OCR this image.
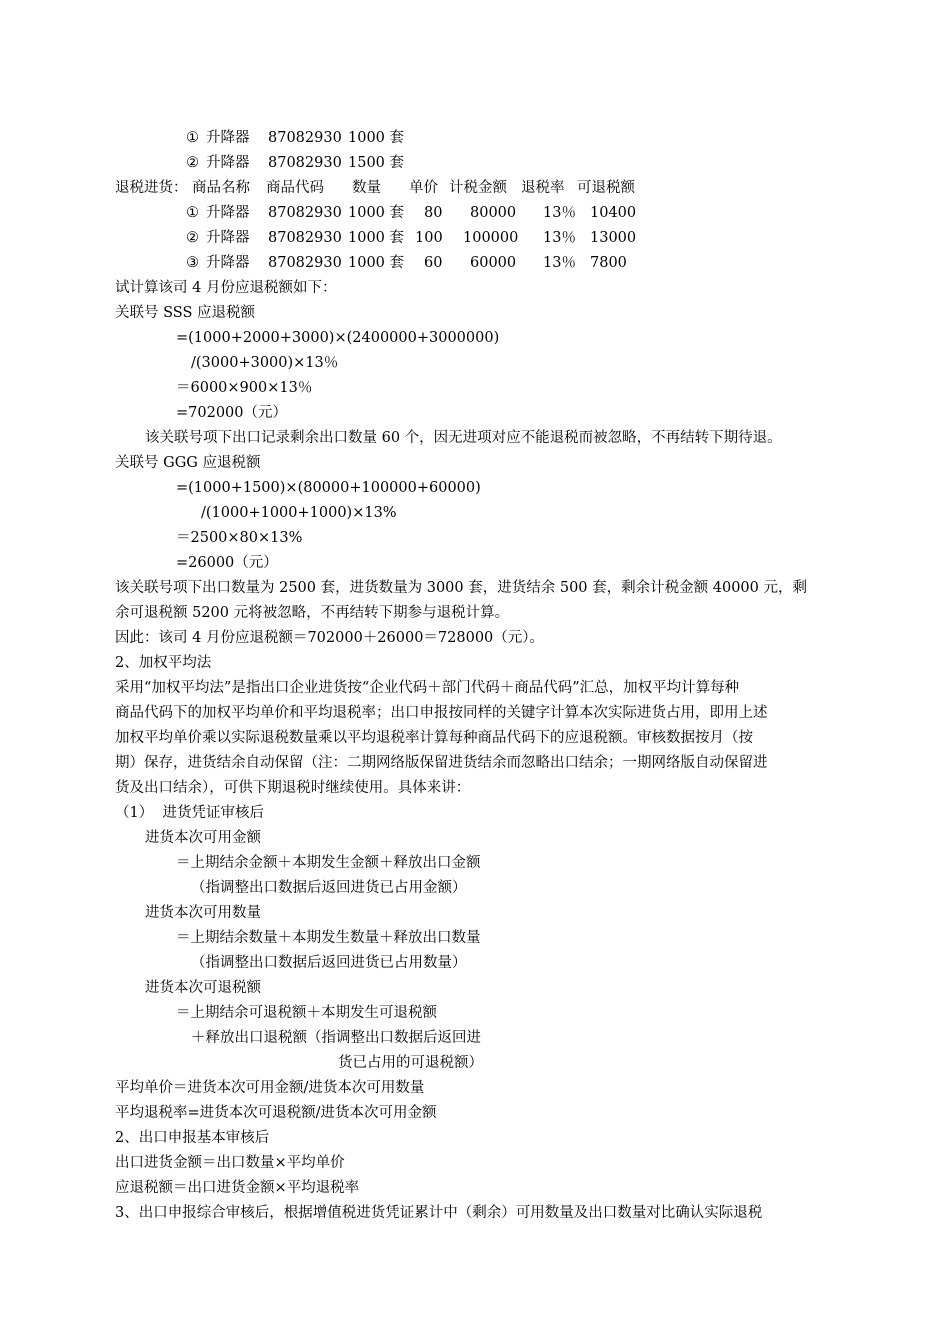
① 升降器 87082930 1000 套
② 升降器 87082930 1500 套
退税进货： 商品名称 商品代码 数量 单价 计税金额 退税率 可退税额
① 升降器 87082930 1000 套 80 80000 13％ 10400
② 升降器 87082930 1000 套 100 100000 13％ 13000
③ 升降器 87082930 1000 套 60 60000 13％ 7800
试计算该司 4 月份应退税额如下：
关联号 SSS 应退税额
=(1000+2000+3000)×(2400000+3000000)
/(3000+3000)×13％
＝6000×900×13％
=702000（元）
该关联号项下出口记录剩余出口数量 60 个，因无进项对应不能退税而被忽略，不再结转下期待退。
关联号 GGG 应退税额
=(1000+1500)×(80000+100000+60000)
/(1000+1000+1000)×13%
＝2500×80×13%
=26000（元）
该关联号项下出口数量为 2500 套，进货数量为 3000 套，进货结余 500 套，剩余计税金额 40000 元，剩
余可退税额 5200 元将被忽略，不再结转下期参与退税计算。
因此：该司 4 月份应退税额＝702000＋26000＝728000（元）。
2、加权平均法
采用“加权平均法”是指出口企业进货按“企业代码＋部门代码＋商品代码”汇总，加权平均计算每种
商品代码下的加权平均单价和平均退税率；出口申报按同样的关键字计算本次实际进货占用，即用上述
加权平均单价乘以实际退税数量乘以平均退税率计算每种商品代码下的应退税额。审核数据按月（按
期）保存，进货结余自动保留（注：二期网络版保留进货结余而忽略出口结余；一期网络版自动保留进
货及出口结余），可供下期退税时继续使用。具体来讲：
（1）  进货凭证审核后
进货本次可用金额
＝上期结余金额＋本期发生金额＋释放出口金额
（指调整出口数据后返回进货已占用金额）
进货本次可用数量
＝上期结余数量＋本期发生数量＋释放出口数量
（指调整出口数据后返回进货已占用数量）
进货本次可退税额
＝上期结余可退税额＋本期发生可退税额
＋释放出口退税额（指调整出口数据后返回进
货已占用的可退税额）
平均单价＝进货本次可用金额/进货本次可用数量
平均退税率=进货本次可退税额/进货本次可用金额
2、出口申报基本审核后
出口进货金额＝出口数量×平均单价
应退税额＝出口进货金额×平均退税率
3、出口申报综合审核后，根据增值税进货凭证累计中（剩余）可用数量及出口数量对比确认实际退税
